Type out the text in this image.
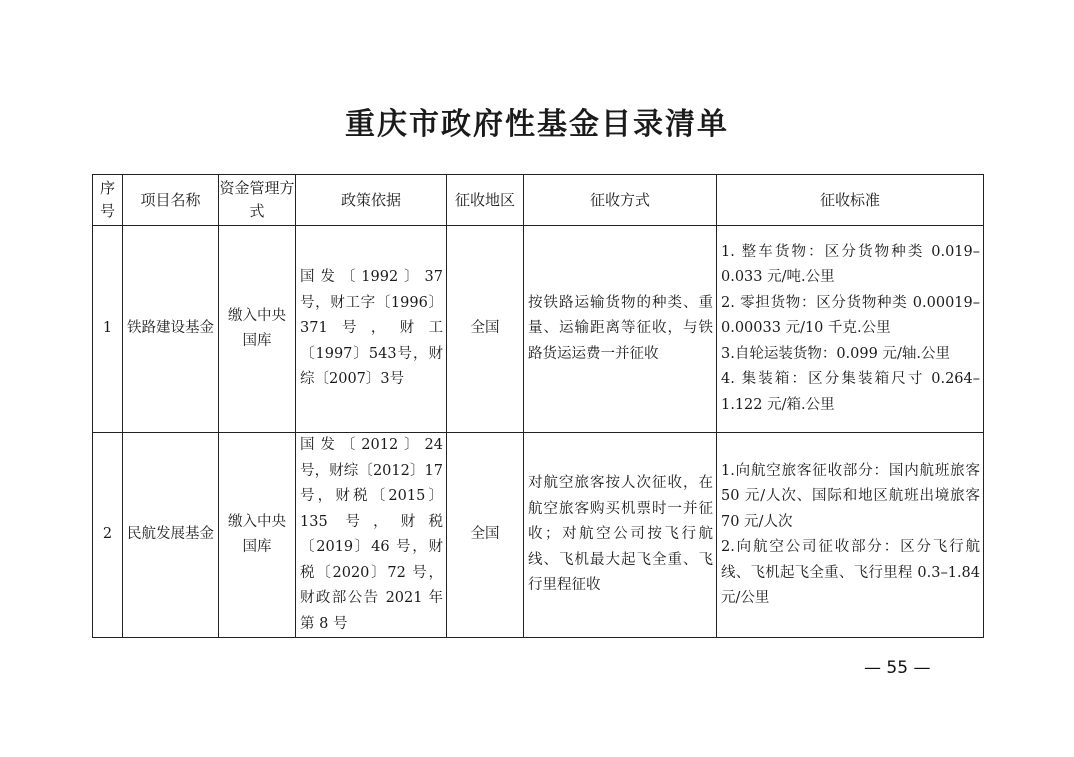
重庆市政府性基金目录清单
序号	项目名称	资金管理方式	政策依据	征收地区	征收方式	征收标准
1	铁路建设基金	缴入中央国库	国发〔1992〕37 号，财工字〔1996〕371号，财工〔1997〕543号，财综〔2007〕3号	全国	按铁路运输货物的种类、重量、运输距离等征收，与铁路货运运费一并征收	1. 整车货物：区分货物种类 0.019–0.033 元/吨.公里
2. 零担货物：区分货物种类 0.00019–0.00033 元/10 千克.公里
3.自轮运装货物：0.099 元/轴.公里
4. 集装箱：区分集装箱尺寸 0.264–1.122 元/箱.公里

2	民航发展基金	缴入中央国库	国发〔2012〕24 号，财综〔2012〕17 号，财税〔2015〕135 号，财税〔2019〕46 号，财税〔2020〕72 号，财政部公告 2021 年第 8 号	全国	对航空旅客按人次征收，在航空旅客购买机票时一并征收；对航空公司按飞行航线、飞机最大起飞全重、飞行里程征收	1.向航空旅客征收部分：国内航班旅客 50 元/人次、国际和地区航班出境旅客 70 元/人次
2.向航空公司征收部分：区分飞行航线、飞机起飞全重、飞行里程 0.3–1.84 元/公里
— 55 —
